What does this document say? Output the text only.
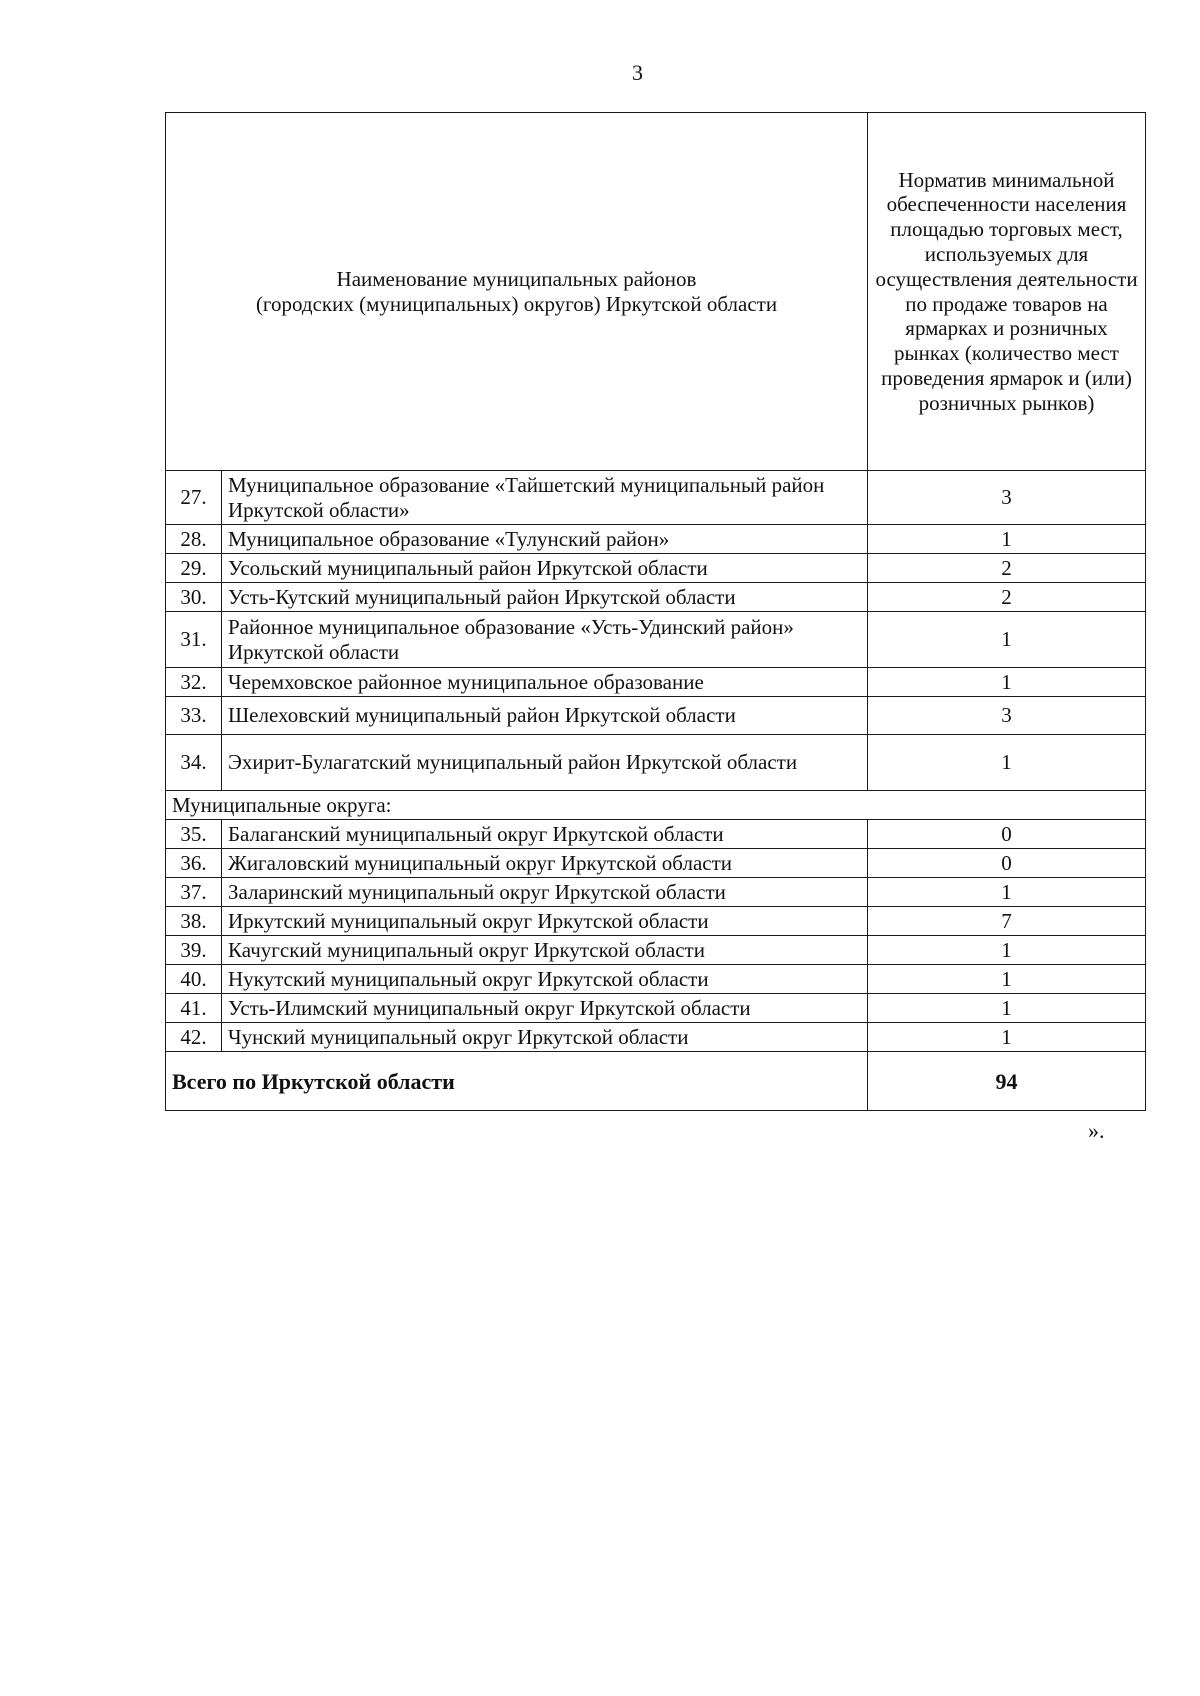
3
Наименование муниципальных районов
(городских (муниципальных) округов) Иркутской области		Норматив минимальной обеспеченности населения площадью торговых мест, используемых для осуществления деятельности по продаже товаров на ярмарках и розничных рынках (количество мест проведения ярмарок и (или) розничных рынков)
27.	Муниципальное образование «Тайшетский муниципальный район Иркутской области»	3
28.	Муниципальное образование «Тулунский район»	1
29.	Усольский муниципальный район Иркутской области	2
30.	Усть-Кутский муниципальный район Иркутской области	2
31.	Районное муниципальное образование «Усть-Удинский район» Иркутской области	1
32.	Черемховское районное муниципальное образование	1
33.	Шелеховский муниципальный район Иркутской области	3
34.	Эхирит-Булагатский муниципальный район Иркутской области	1
Муниципальные округа:		
35.	Балаганский муниципальный округ Иркутской области	0
36.	Жигаловский муниципальный округ Иркутской области	0
37.	Заларинский муниципальный округ Иркутской области	1
38.	Иркутский муниципальный округ Иркутской области	7
39.	Качугский муниципальный округ Иркутской области	1
40.	Нукутский муниципальный округ Иркутской области	1
41.	Усть-Илимский муниципальный округ Иркутской области	1
42.	Чунский муниципальный округ Иркутской области	1
Всего по Иркутской области		94
».
